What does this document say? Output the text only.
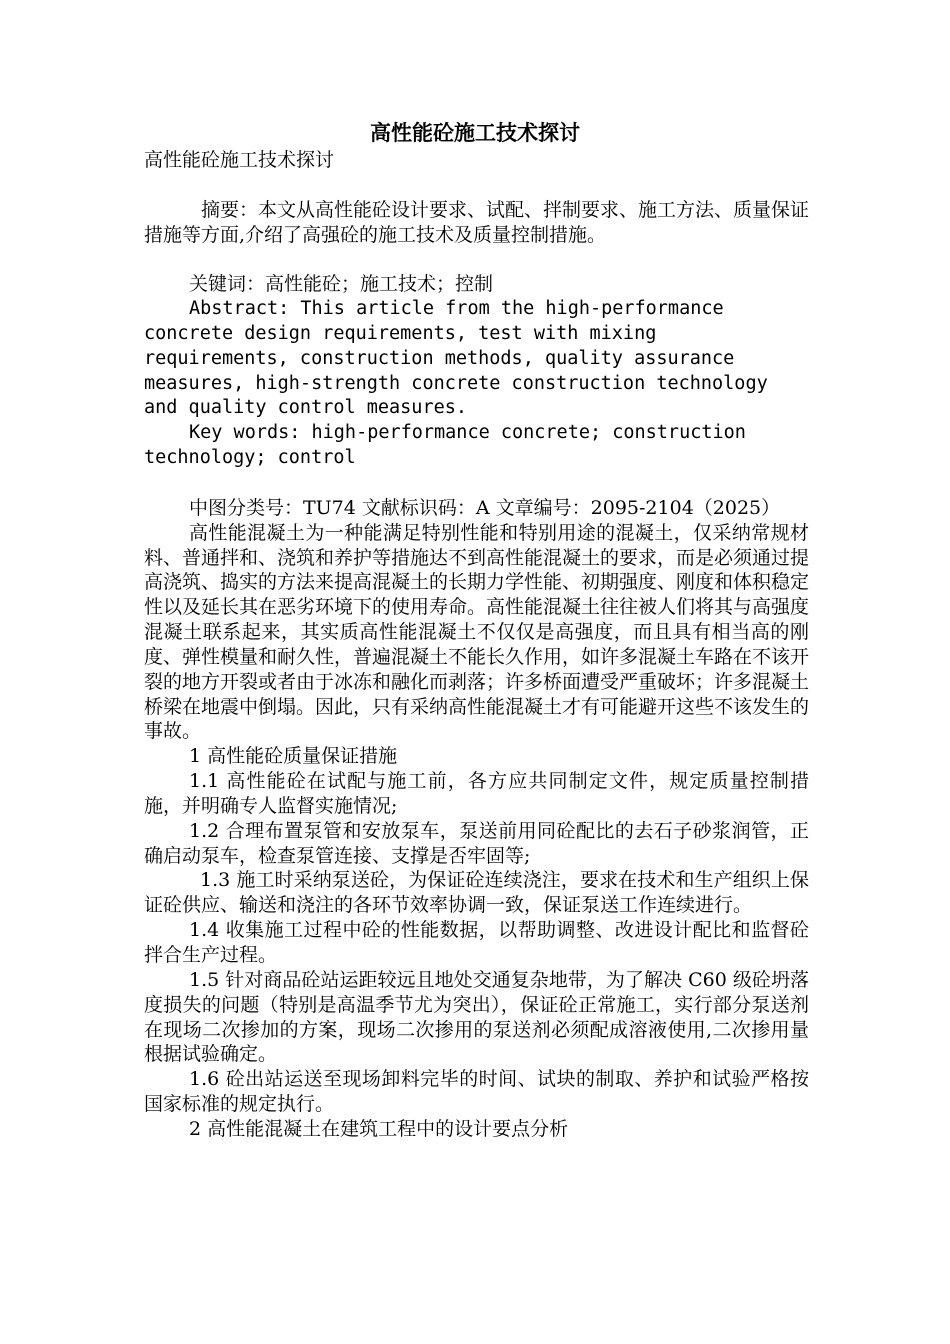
高性能砼施工技术探讨

高性能砼施工技术探讨

摘要：本文从高性能砼设计要求、试配、拌制要求、施工方法、质量保证措施等方面,介绍了高强砼的施工技术及质量控制措施。

关键词：高性能砼；施工技术；控制

Abstract: This article from the high-performance concrete design requirements, test with mixing requirements, construction methods, quality assurance measures, high-strength concrete construction technology and quality control measures.

Key words: high-performance concrete; construction technology; control

中图分类号：TU74 文献标识码：A 文章编号：2095-2104（2025）

高性能混凝土为一种能满足特别性能和特别用途的混凝土，仅采纳常规材料、普通拌和、浇筑和养护等措施达不到高性能混凝土的要求，而是必须通过提高浇筑、捣实的方法来提高混凝土的长期力学性能、初期强度、刚度和体积稳定性以及延长其在恶劣环境下的使用寿命。高性能混凝土往往被人们将其与高强度混凝土联系起来，其实质高性能混凝土不仅仅是高强度，而且具有相当高的刚度、弹性模量和耐久性，普遍混凝土不能长久作用，如许多混凝土车路在不该开裂的地方开裂或者由于冰冻和融化而剥落；许多桥面遭受严重破坏；许多混凝土桥梁在地震中倒塌。因此，只有采纳高性能混凝土才有可能避开这些不该发生的事故。

1 高性能砼质量保证措施

1.1 高性能砼在试配与施工前，各方应共同制定文件，规定质量控制措施，并明确专人监督实施情况;

1.2 合理布置泵管和安放泵车，泵送前用同砼配比的去石子砂浆润管，正确启动泵车，检查泵管连接、支撑是否牢固等;

1.3 施工时采纳泵送砼，为保证砼连续浇注，要求在技术和生产组织上保证砼供应、输送和浇注的各环节效率协调一致，保证泵送工作连续进行。

1.4 收集施工过程中砼的性能数据，以帮助调整、改进设计配比和监督砼拌合生产过程。

1.5 针对商品砼站运距较远且地处交通复杂地带，为了解决 C60 级砼坍落度损失的问题（特别是高温季节尤为突出），保证砼正常施工，实行部分泵送剂在现场二次掺加的方案，现场二次掺用的泵送剂必须配成溶液使用,二次掺用量根据试验确定。

1.6 砼出站运送至现场卸料完毕的时间、试块的制取、养护和试验严格按国家标准的规定执行。

2 高性能混凝土在建筑工程中的设计要点分析
